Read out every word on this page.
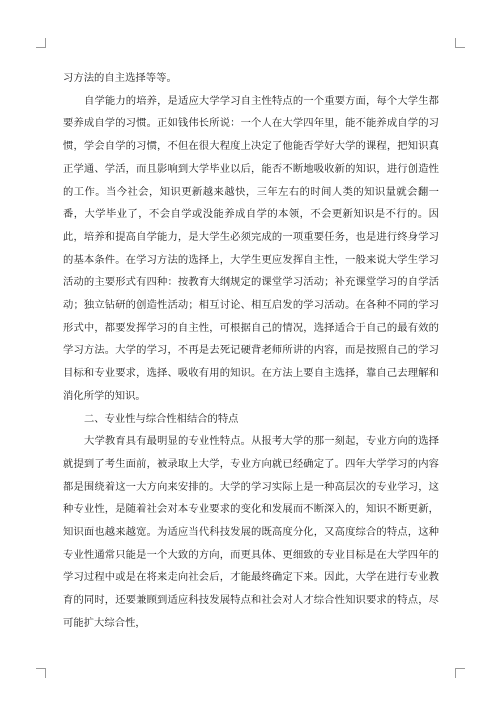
习方法的自主选择等等。

自学能力的培养，是适应大学学习自主性特点的一个重要方面，每个大学生都要养成自学的习惯。正如钱伟长所说：一个人在大学四年里，能不能养成自学的习惯，学会自学的习惯，不但在很大程度上决定了他能否学好大学的课程，把知识真正学通、学活，而且影响到大学毕业以后，能否不断地吸收新的知识，进行创造性的工作。当今社会，知识更新越来越快，三年左右的时间人类的知识量就会翻一番，大学毕业了，不会自学或没能养成自学的本领，不会更新知识是不行的。因此，培养和提高自学能力，是大学生必须完成的一项重要任务，也是进行终身学习的基本条件。在学习方法的选择上，大学生更应发挥自主性，一般来说大学生学习活动的主要形式有四种：按教育大纲规定的课堂学习活动；补充课堂学习的自学活动；独立钻研的创造性活动；相互讨论、相互启发的学习活动。在各种不同的学习形式中，都要发挥学习的自主性，可根据自己的情况，选择适合于自己的最有效的学习方法。大学的学习，不再是去死记硬背老师所讲的内容，而是按照自己的学习目标和专业要求，选择、吸收有用的知识。在方法上要自主选择，靠自己去理解和消化所学的知识。

二、专业性与综合性相结合的特点

大学教育具有最明显的专业性特点。从报考大学的那一刻起，专业方向的选择就提到了考生面前，被录取上大学，专业方向就已经确定了。四年大学学习的内容都是围绕着这一大方向来安排的。大学的学习实际上是一种高层次的专业学习，这种专业性，是随着社会对本专业要求的变化和发展而不断深入的，知识不断更新，知识面也越来越宽。为适应当代科技发展的既高度分化，又高度综合的特点，这种专业性通常只能是一个大致的方向，而更具体、更细致的专业目标是在大学四年的学习过程中或是在将来走向社会后，才能最终确定下来。因此，大学在进行专业教育的同时，还要兼顾到适应科技发展特点和社会对人才综合性知识要求的特点，尽可能扩大综合性，
